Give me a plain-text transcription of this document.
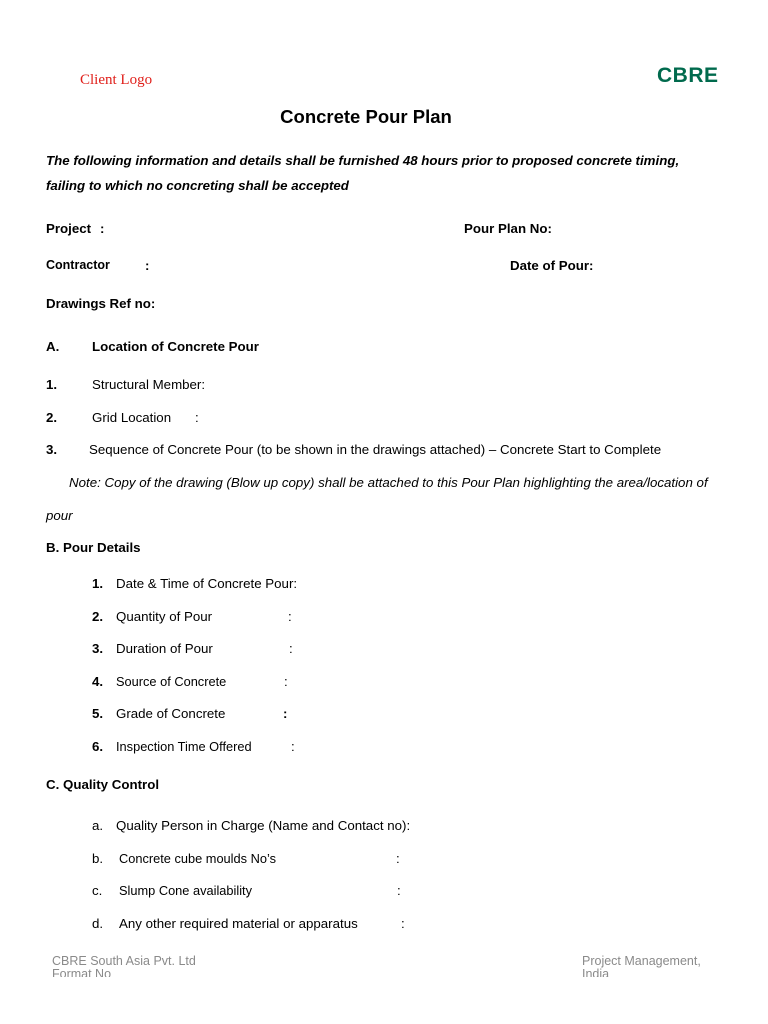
Client Logo	CBRE
Concrete Pour Plan
The following information and details shall be furnished 48 hours prior to proposed concrete timing,
failing to which no concreting shall be accepted
Project :	Pour Plan No:
Contractor	:	Date of Pour:
Drawings Ref no:
A. Location of Concrete Pour
1.	Structural Member:
2.	Grid Location :
3. Sequence of Concrete Pour (to be shown in the drawings attached) – Concrete Start to Complete
Note: Copy of the drawing (Blow up copy) shall be attached to this Pour Plan highlighting the area/location of
pour
B. Pour Details
1. Date & Time of Concrete Pour:
2. Quantity of Pour	:
3. Duration of Pour	:
4. Source of Concrete	:
5. Grade of Concrete	:
6. Inspection Time Offered	:
C. Quality Control
a. Quality Person in Charge (Name and Contact no):
b. Concrete cube moulds No’s	:
c. Slump Cone availability	:
d. Any other required material or apparatus	:
CBRE South Asia Pvt. Ltd
Format No
Project Management,
India
